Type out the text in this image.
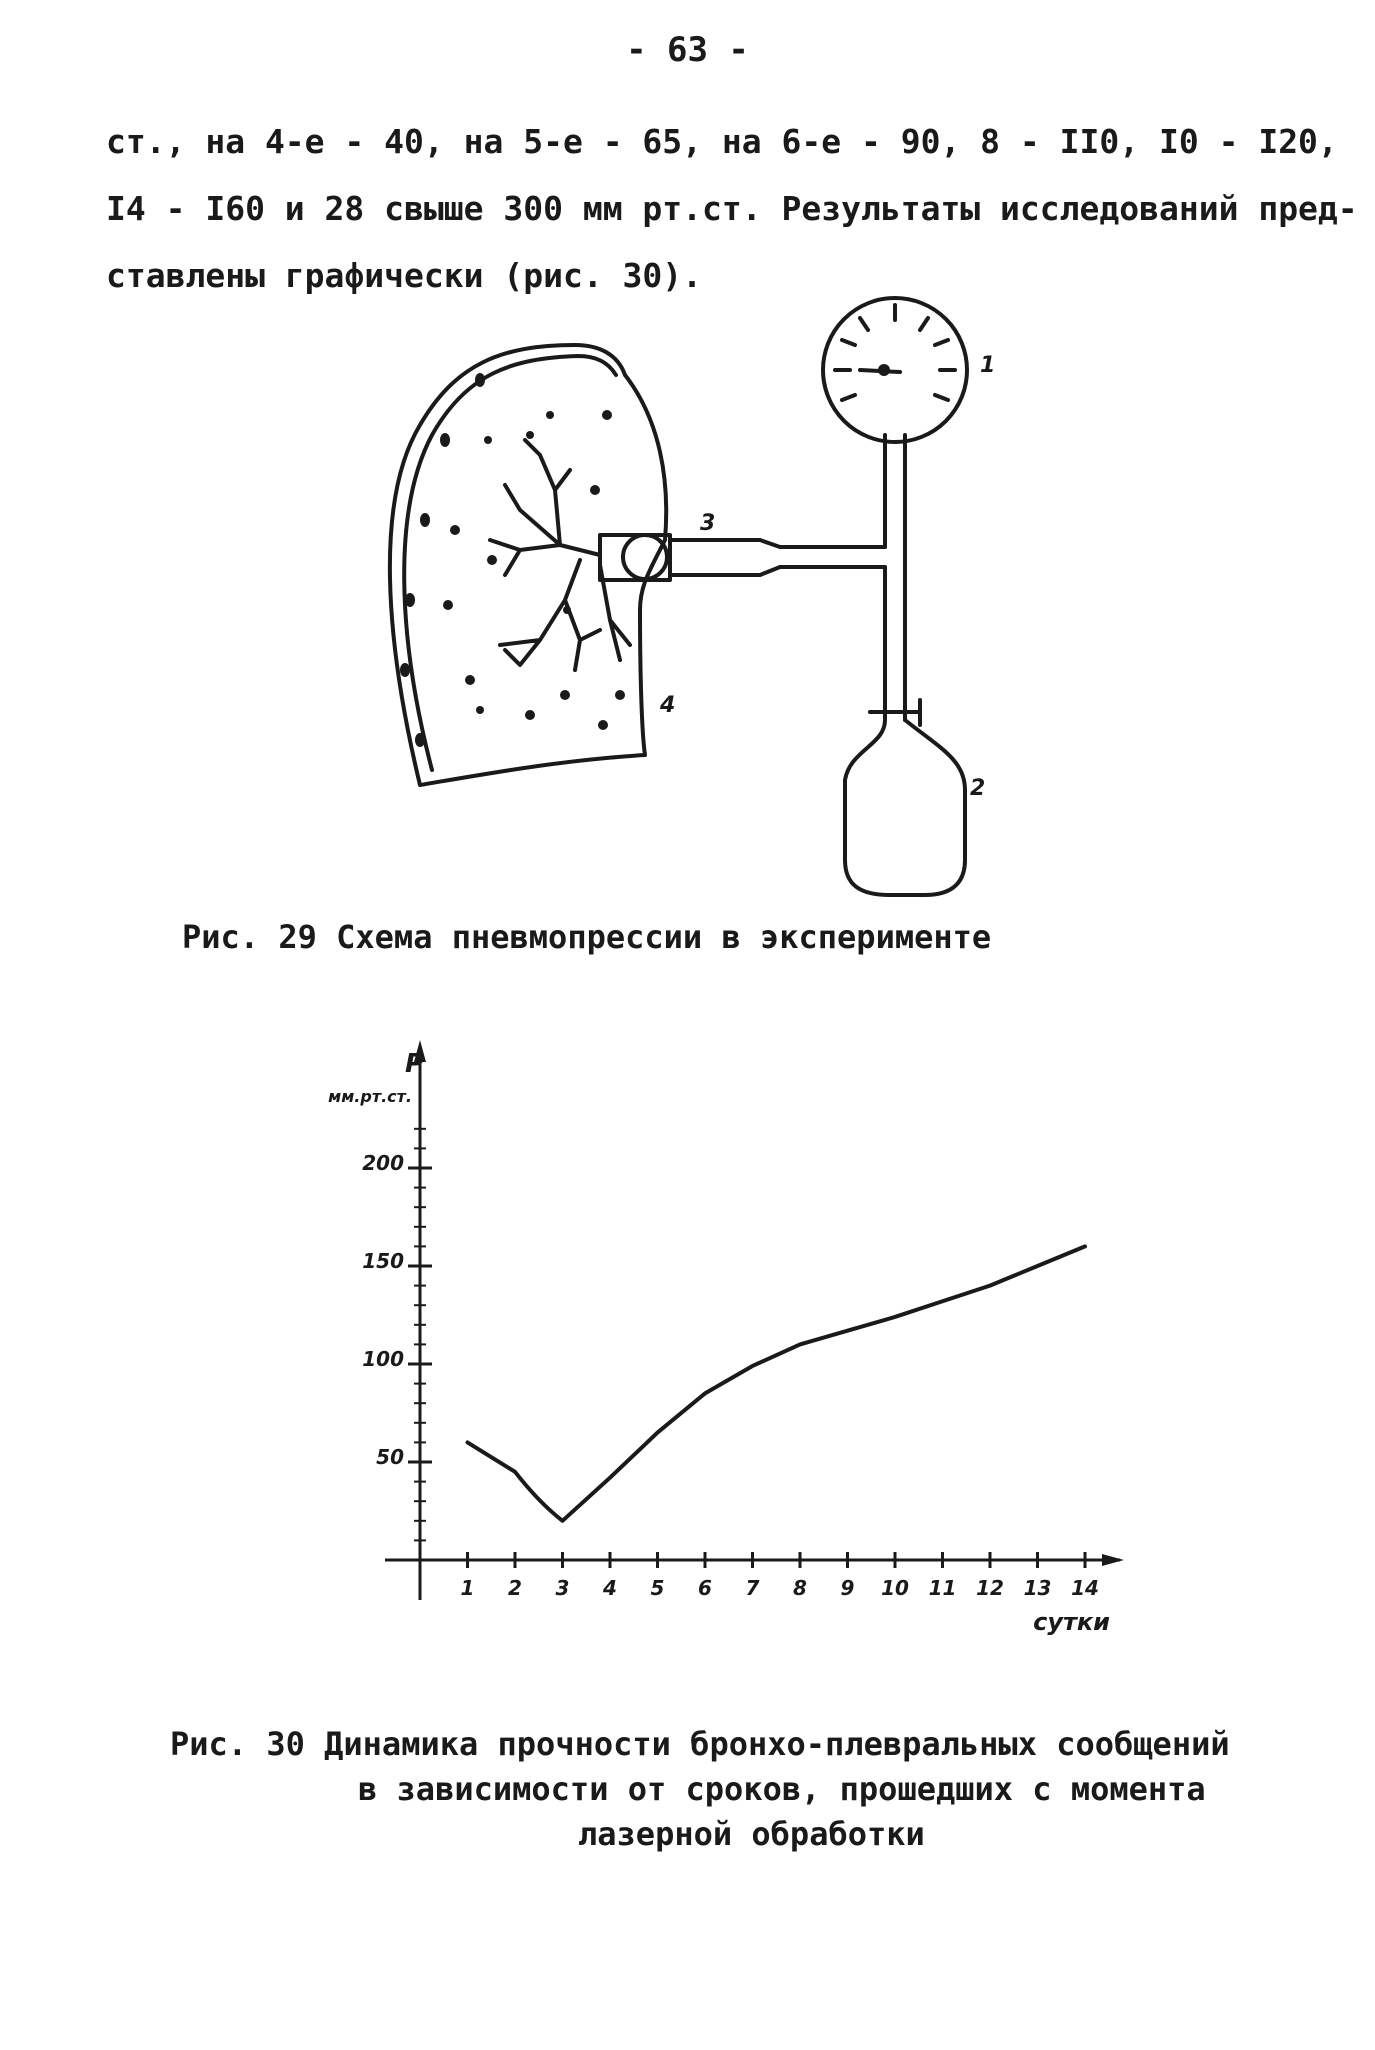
- 63 -
ст., на 4-е - 40, на 5-е - 65, на 6-е - 90, 8 - II0, I0 - I20,
I4 - I60 и 28 свыше 300 мм рт.ст. Результаты исследований пред-
ставлены графически (рис. 30).
1
2
3
4
Рис. 29 Схема пневмопрессии в эксперименте
50
100
150
200
1 2 3 4 5 6 7 8 9 10 11 12 13 14
Р
мм.рт.ст.
сутки
Рис. 30 Динамика прочности бронхо-плевральных сообщений
в зависимости от сроков, прошедших с момента
лазерной обработки
